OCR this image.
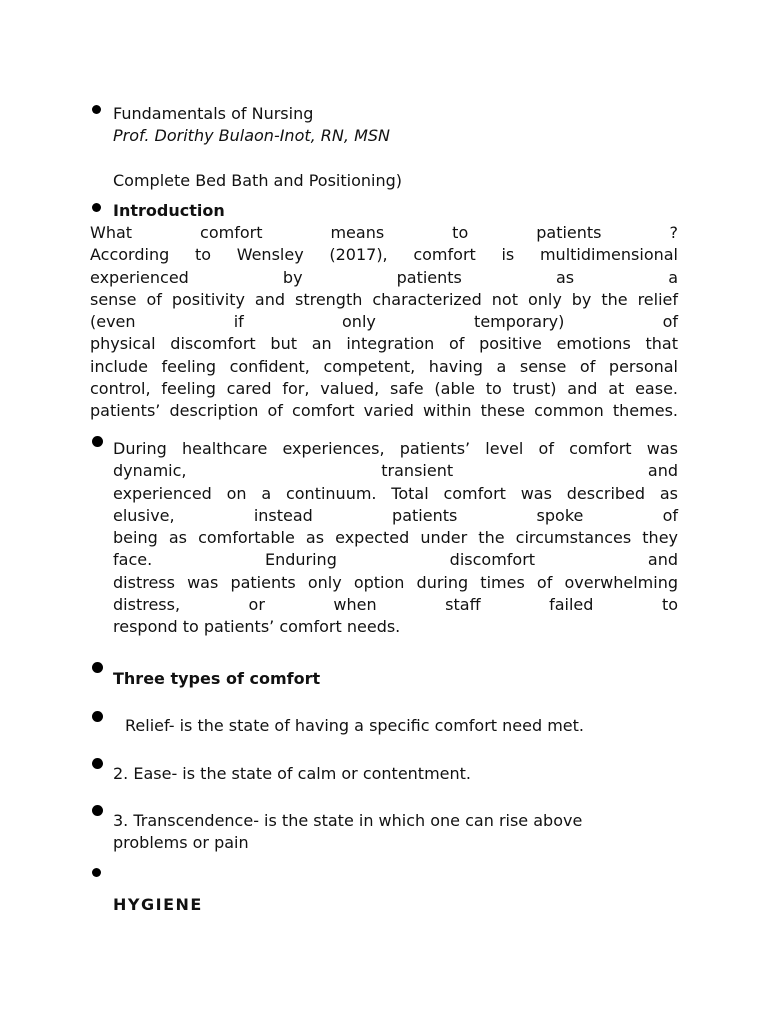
Fundamentals of Nursing
Prof. Dorithy Bulaon-Inot, RN, MSN
Complete Bed Bath and Positioning)
Introduction
What comfort means to patients ?
According to Wensley (2017), comfort is multidimensional
experienced by patients as a
sense of positivity and strength characterized not only by the relief
(even if only temporary) of
physical discomfort but an integration of positive emotions that
include feeling confident, competent, having a sense of personal
control, feeling cared for, valued, safe (able to trust) and at ease.
patients’ description of comfort varied within these common themes.
During healthcare experiences, patients’ level of comfort was
dynamic, transient and
experienced on a continuum. Total comfort was described as
elusive, instead patients spoke of
being as comfortable as expected under the circumstances they
face. Enduring discomfort and
distress was patients only option during times of overwhelming
distress, or when staff failed to
respond to patients’ comfort needs.
Three types of comfort
Relief- is the state of having a specific comfort need met.
2. Ease- is the state of calm or contentment.
3. Transcendence- is the state in which one can rise above
problems or pain
HYGIENE
